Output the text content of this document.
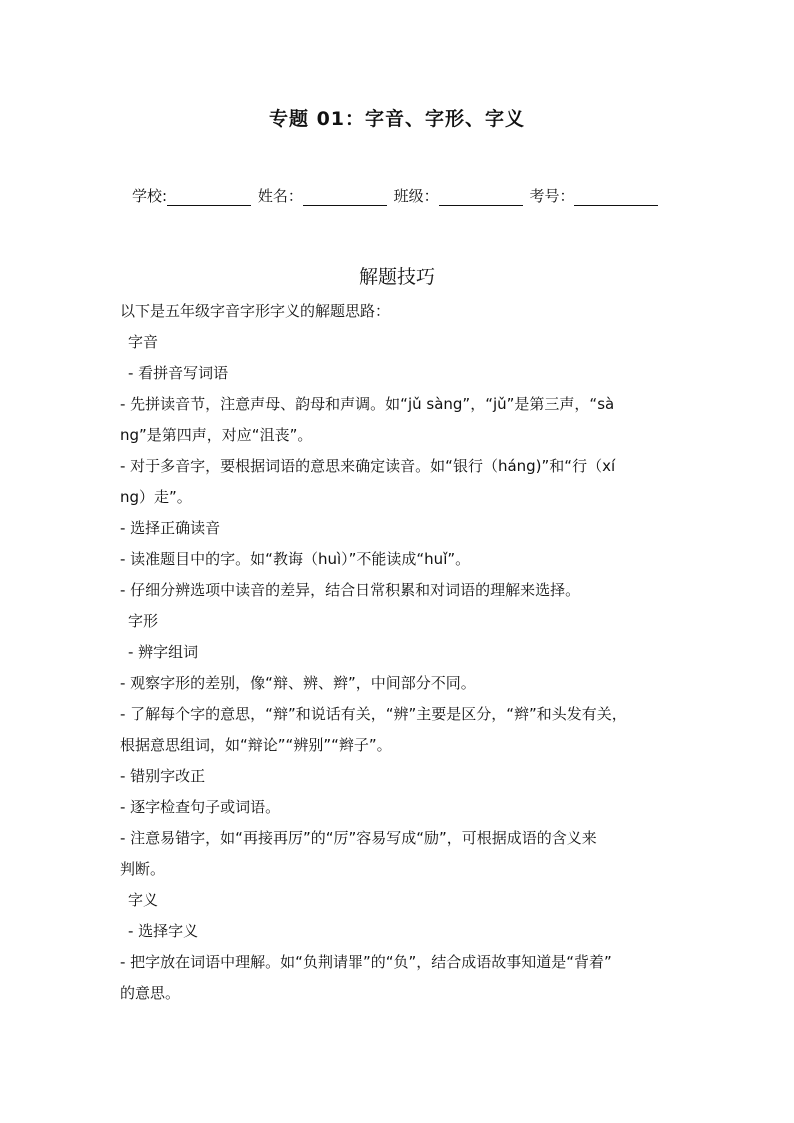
专题 01：字音、字形、字义
学校:	姓名：	班级：	考号：
解题技巧
以下是五年级字音字形字义的解题思路：
字音
- 看拼音写词语
- 先拼读音节，注意声母、韵母和声调。如“jǔ sàng”，“jǔ”是第三声，“sà
ng”是第四声，对应“沮丧”。
- 对于多音字，要根据词语的意思来确定读音。如“银行（háng)”和“行（xí
ng）走”。
- 选择正确读音
- 读准题目中的字。如“教诲（huì）”不能读成“huǐ”。
- 仔细分辨选项中读音的差异，结合日常积累和对词语的理解来选择。
字形
- 辨字组词
- 观察字形的差别，像“辩、辨、辫”，中间部分不同。
- 了解每个字的意思，“辩”和说话有关，“辨”主要是区分，“辫”和头发有关，
根据意思组词，如“辩论”“辨别”“辫子”。
- 错别字改正
- 逐字检查句子或词语。
- 注意易错字，如“再接再厉”的“厉”容易写成“励”，可根据成语的含义来
判断。
字义
- 选择字义
- 把字放在词语中理解。如“负荆请罪”的“负”，结合成语故事知道是“背着”
的意思。
